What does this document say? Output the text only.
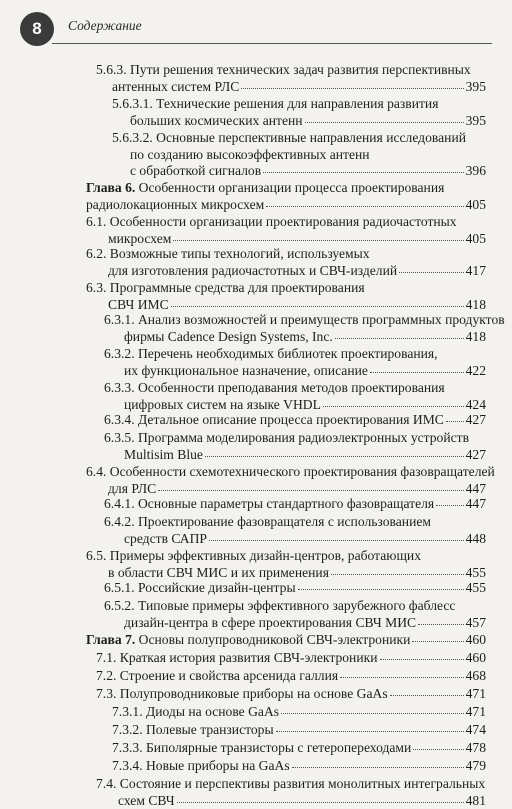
8	Содержание
5.6.3. Пути решения технических задач развития перспективных
антенных систем РЛС	395
5.6.3.1. Технические решения для направления развития
больших космических антенн	395
5.6.3.2. Основные перспективные направления исследований
по созданию высокоэффективных антенн
с обработкой сигналов	396
Глава 6. Особенности организации процесса проектирования
радиолокационных микросхем	405
6.1. Особенности организации проектирования радиочастотных
микросхем	405
6.2. Возможные типы технологий, используемых
для изготовления радиочастотных и СВЧ-изделий	417
6.3. Программные средства для проектирования
СВЧ ИМС	418
6.3.1. Анализ возможностей и преимуществ программных продуктов
фирмы Cadence Design Systems, Inc.	418
6.3.2. Перечень необходимых библиотек проектирования,
их функциональное назначение, описание	422
6.3.3. Особенности преподавания методов проектирования
цифровых систем на языке VHDL	424
6.3.4. Детальное описание процесса проектирования ИМС 427
6.3.5. Программа моделирования радиоэлектронных устройств
Multisim Blue	427
6.4. Особенности схемотехнического проектирования фазовращателей
для РЛС	447
6.4.1. Основные параметры стандартного фазовращателя 447
6.4.2. Проектирование фазовращателя с использованием
средств САПР	448
6.5. Примеры эффективных дизайн-центров, работающих
в области СВЧ МИС и их применения	455
6.5.1. Российские дизайн-центры	455
6.5.2. Типовые примеры эффективного зарубежного фаблесс
дизайн-центра в сфере проектирования СВЧ МИС	457
Глава 7. Основы полупроводниковой СВЧ-электроники	460
7.1. Краткая история развития СВЧ-электроники	460
7.2. Строение и свойства арсенида галлия	468
7.3. Полупроводниковые приборы на основе GaAs	471
7.3.1. Диоды на основе GaAs	471
7.3.2. Полевые транзисторы	474
7.3.3. Биполярные транзисторы с гетеропереходами	478
7.3.4. Новые приборы на GaAs	479
7.4. Состояние и перспективы развития монолитных интегральных
схем СВЧ	481
